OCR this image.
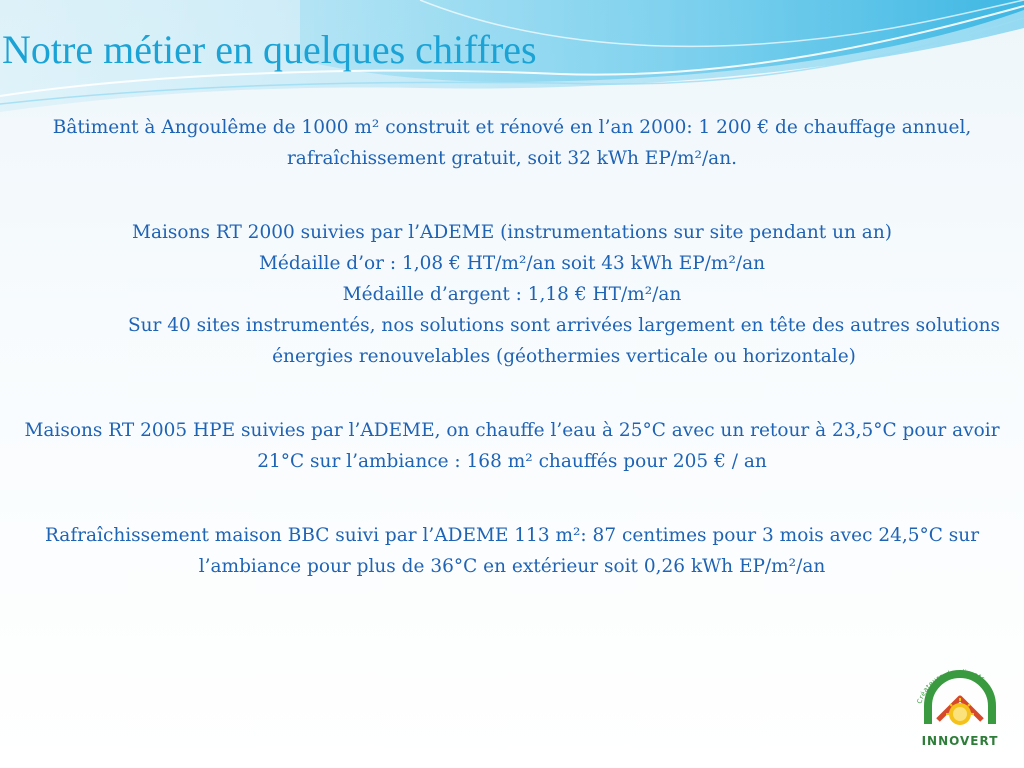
Notre métier en quelques chiffres

Bâtiment à Angoulême de 1000 m² construit et rénové en l’an 2000: 1 200 € de chauffage annuel, rafraîchissement gratuit, soit 32 kWh EP/m²/an.

Maisons RT 2000 suivies par l’ADEME (instrumentations sur site pendant un an)

Médaille d’or : 1,08 € HT/m²/an soit 43 kWh EP/m²/an

Médaille d’argent : 1,18 € HT/m²/an

Sur 40 sites instrumentés, nos solutions sont arrivées largement en tête des autres solutions énergies renouvelables (géothermies verticale ou horizontale)

Maisons RT 2005 HPE suivies par l’ADEME, on chauffe l’eau à 25°C avec un retour à 23,5°C pour avoir 21°C sur l’ambiance : 168 m² chauffés pour 205 € / an

Rafraîchissement maison BBC suivi par l’ADEME 113 m²: 87 centimes pour 3 mois avec 24,5°C sur l’ambiance pour plus de 36°C en extérieur soit 0,26 kWh EP/m²/an

Créateurs de climats
INNOVERT
